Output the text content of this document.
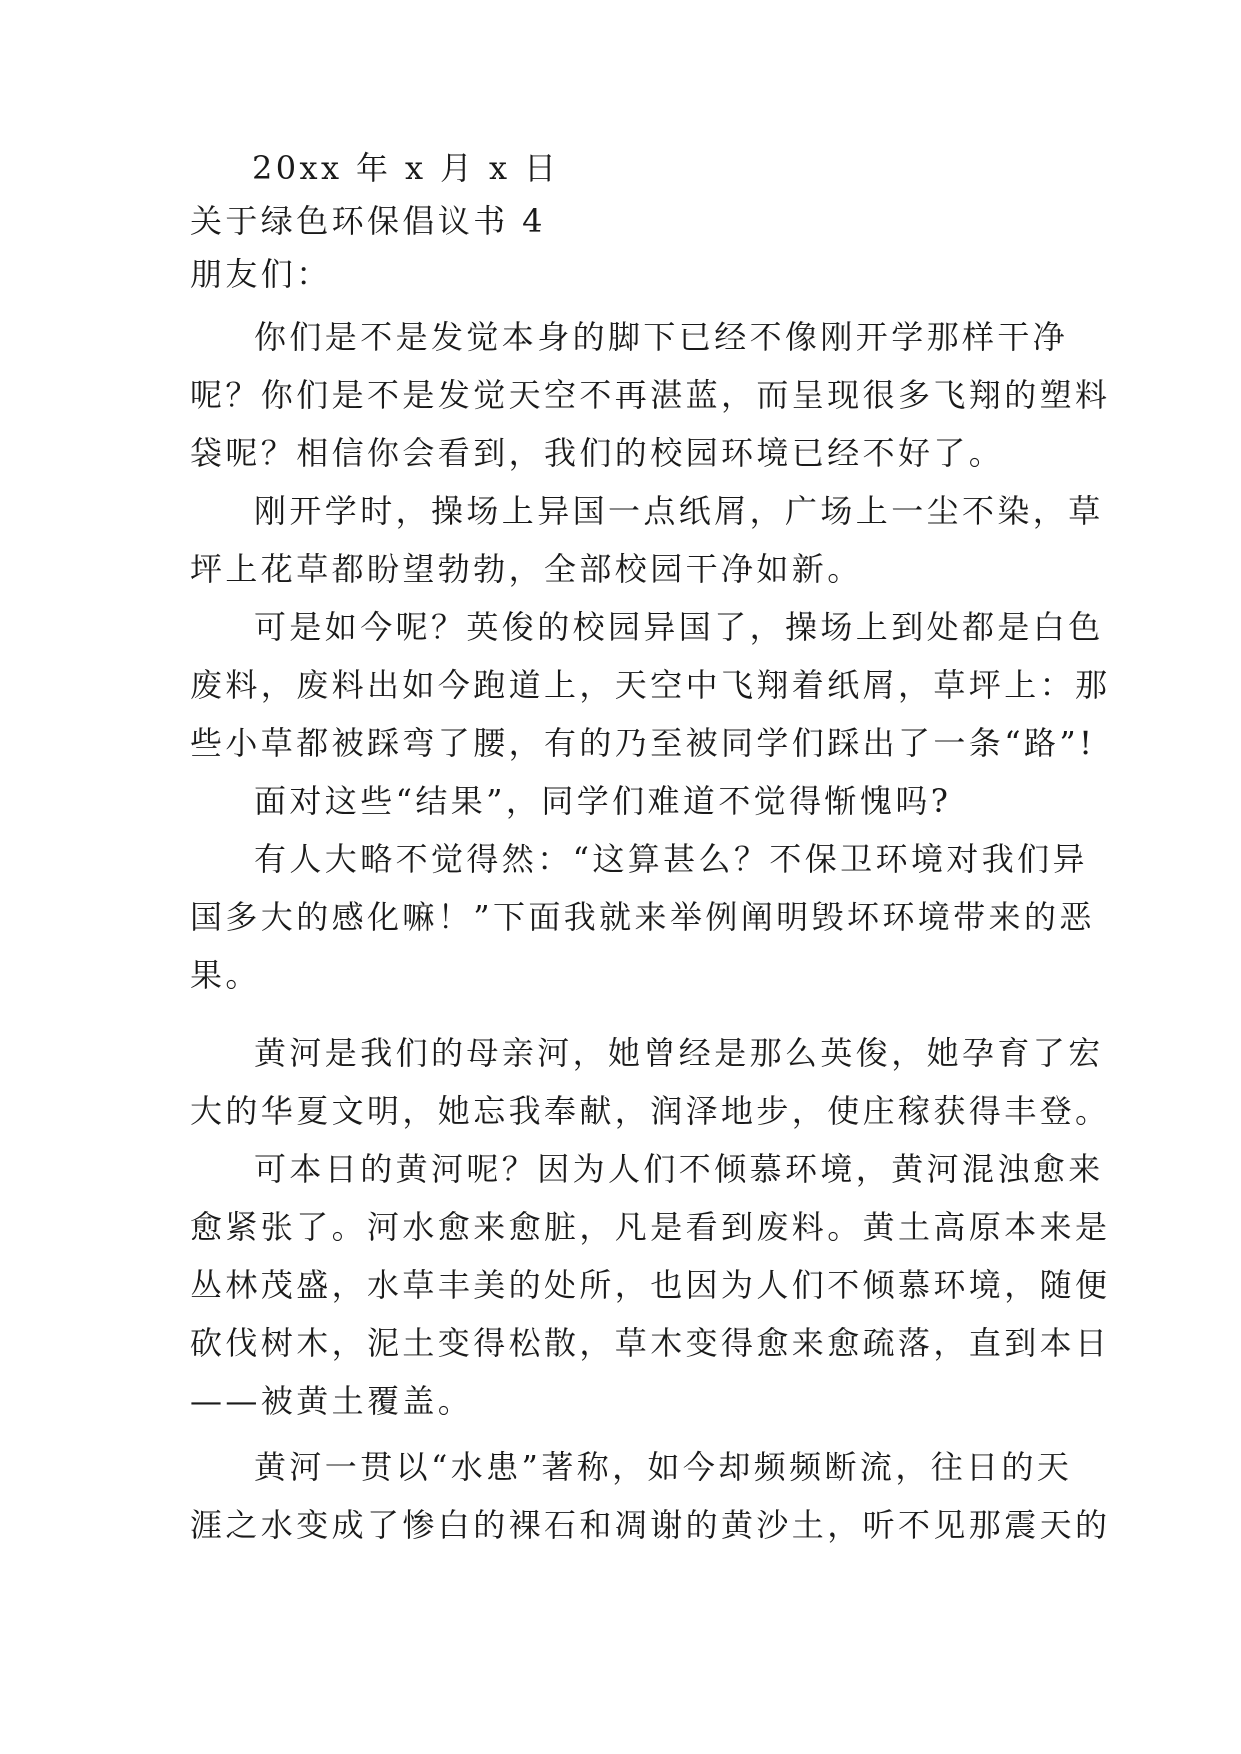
20xx 年 x 月 x 日
关于绿色环保倡议书 4
朋友们：
你们是不是发觉本身的脚下已经不像刚开学那样干净
呢？你们是不是发觉天空不再湛蓝，而呈现很多飞翔的塑料
袋呢？相信你会看到，我们的校园环境已经不好了。
刚开学时，操场上异国一点纸屑，广场上一尘不染，草
坪上花草都盼望勃勃，全部校园干净如新。
可是如今呢？英俊的校园异国了，操场上到处都是白色
废料，废料出如今跑道上，天空中飞翔着纸屑，草坪上：那
些小草都被踩弯了腰，有的乃至被同学们踩出了一条“路”!
面对这些“结果”，同学们难道不觉得惭愧吗?
有人大略不觉得然：“这算甚么？不保卫环境对我们异
国多大的感化嘛！”下面我就来举例阐明毁坏环境带来的恶
果。
黄河是我们的母亲河，她曾经是那么英俊，她孕育了宏
大的华夏文明，她忘我奉献，润泽地步，使庄稼获得丰登。
可本日的黄河呢？因为人们不倾慕环境，黄河混浊愈来
愈紧张了。河水愈来愈脏，凡是看到废料。黄土高原本来是
丛林茂盛，水草丰美的处所，也因为人们不倾慕环境，随便
砍伐树木，泥土变得松散，草木变得愈来愈疏落，直到本日
——被黄土覆盖。
黄河一贯以“水患”著称，如今却频频断流，往日的天
涯之水变成了惨白的裸石和凋谢的黄沙土，听不见那震天的
